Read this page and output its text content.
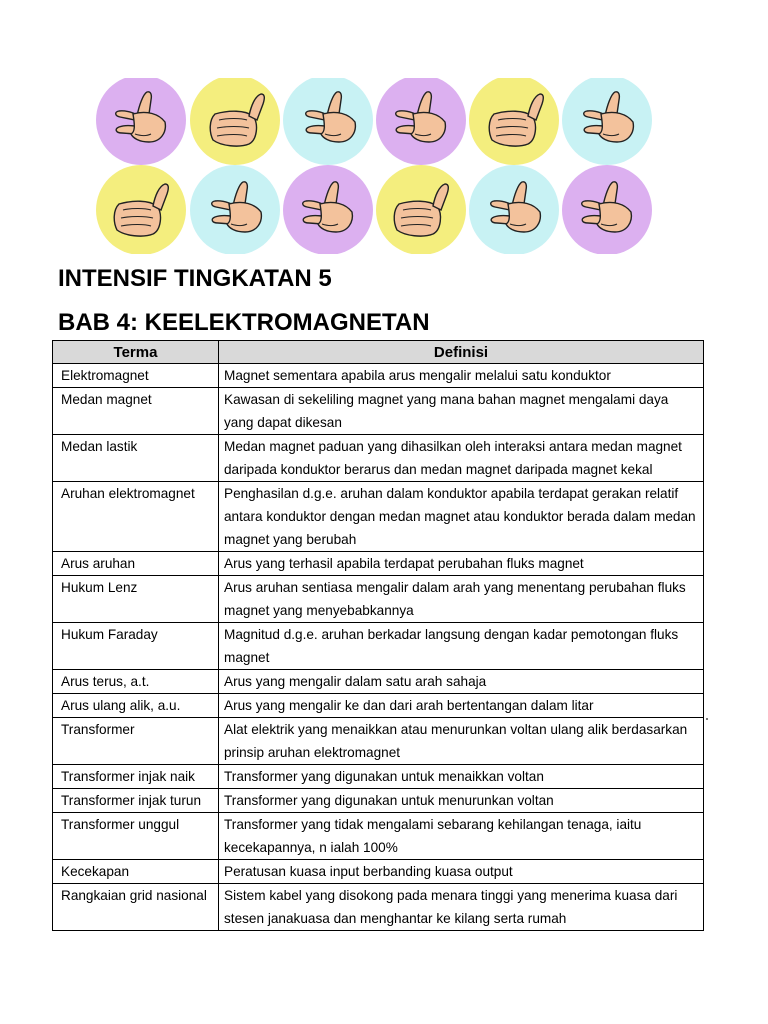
INTENSIF TINGKATAN 5
BAB 4: KEELEKTROMAGNETAN
Terma	Definisi
Elektromagnet	Magnet sementara apabila arus mengalir melalui satu konduktor
Medan magnet	Kawasan di sekeliling magnet yang mana bahan magnet mengalami daya yang dapat dikesan
Medan lastik	Medan magnet paduan yang dihasilkan oleh interaksi antara medan magnet daripada konduktor berarus dan medan magnet daripada magnet kekal
Aruhan elektromagnet	Penghasilan d.g.e. aruhan dalam konduktor apabila terdapat gerakan relatif antara konduktor dengan medan magnet atau konduktor berada dalam medan magnet yang berubah
Arus aruhan	Arus yang terhasil apabila terdapat perubahan fluks magnet
Hukum Lenz	Arus aruhan sentiasa mengalir dalam arah yang menentang perubahan fluks magnet yang menyebabkannya
Hukum Faraday	Magnitud d.g.e. aruhan berkadar langsung dengan kadar pemotongan fluks magnet
Arus terus, a.t.	Arus yang mengalir dalam satu arah sahaja
Arus ulang alik, a.u.	Arus yang mengalir ke dan dari arah bertentangan dalam litar
Transformer	Alat elektrik yang menaikkan atau menurunkan voltan ulang alik berdasarkan prinsip aruhan elektromagnet
Transformer injak naik	Transformer yang digunakan untuk menaikkan voltan
Transformer injak turun	Transformer yang digunakan untuk menurunkan voltan
Transformer unggul	Transformer yang tidak mengalami sebarang kehilangan tenaga, iaitu kecekapannya, n ialah 100%
Kecekapan	Peratusan kuasa input berbanding kuasa output
Rangkaian grid nasional	Sistem kabel yang disokong pada menara tinggi yang menerima kuasa dari stesen janakuasa dan menghantar ke kilang serta rumah
